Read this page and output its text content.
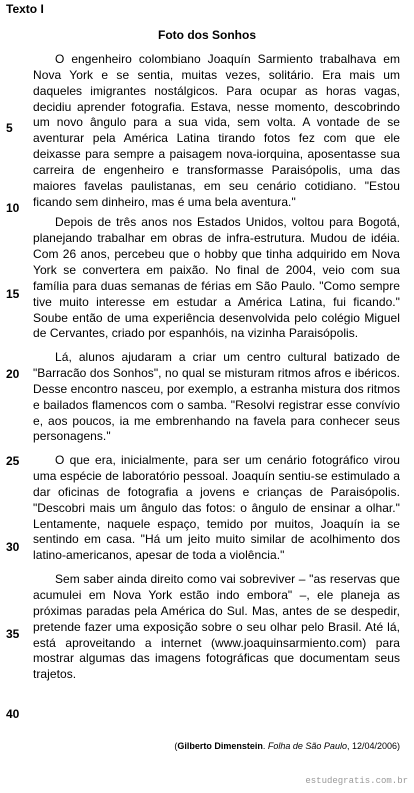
Texto I
Foto dos Sonhos
5
10
15
20
25
30
35
40

O engenheiro colombiano Joaquín Sarmiento trabalhava em Nova York e se sentia, muitas vezes, solitário. Era mais um daqueles imigrantes nostálgicos. Para ocupar as horas vagas, decidiu aprender fotografia. Estava, nesse momento, descobrindo um novo ângulo para a sua vida, sem volta. A vontade de se aventurar pela América Latina tirando fotos fez com que ele deixasse para sempre a paisagem nova-iorquina, aposentasse sua carreira de engenheiro e transformasse Paraisópolis, uma das maiores favelas paulistanas, em seu cenário cotidiano. "Estou ficando sem dinheiro, mas é uma bela aventura."

Depois de três anos nos Estados Unidos, voltou para Bogotá, planejando trabalhar em obras de infra-estrutura. Mudou de idéia. Com 26 anos, percebeu que o hobby que tinha adquirido em Nova York se convertera em paixão. No final de 2004, veio com sua família para duas semanas de férias em São Paulo. "Como sempre tive muito interesse em estudar a América Latina, fui ficando." Soube então de uma experiência desenvolvida pelo colégio Miguel de Cervantes, criado por espanhóis, na vizinha Paraisópolis.

Lá, alunos ajudaram a criar um centro cultural batizado de "Barracão dos Sonhos", no qual se misturam ritmos afros e ibéricos. Desse encontro nasceu, por exemplo, a estranha mistura dos ritmos e bailados flamencos com o samba. "Resolvi registrar esse convívio e, aos poucos, ia me embrenhando na favela para conhecer seus personagens."

O que era, inicialmente, para ser um cenário fotográfico virou uma espécie de laboratório pessoal. Joaquín sentiu-se estimulado a dar oficinas de fotografia a jovens e crianças de Paraisópolis. "Descobri mais um ângulo das fotos: o ângulo de ensinar a olhar." Lentamente, naquele espaço, temido por muitos, Joaquín ia se sentindo em casa. "Há um jeito muito similar de acolhimento dos latino-americanos, apesar de toda a violência."

Sem saber ainda direito como vai sobreviver – "as reservas que acumulei em Nova York estão indo embora" –, ele planeja as próximas paradas pela América do Sul. Mas, antes de se despedir, pretende fazer uma exposição sobre o seu olhar pelo Brasil. Até lá, está aproveitando a internet (www.joaquinsarmiento.com) para mostrar algumas das imagens fotográficas que documentam seus trajetos.

(Gilberto Dimenstein. Folha de São Paulo, 12/04/2006)
estudegratis.com.br
